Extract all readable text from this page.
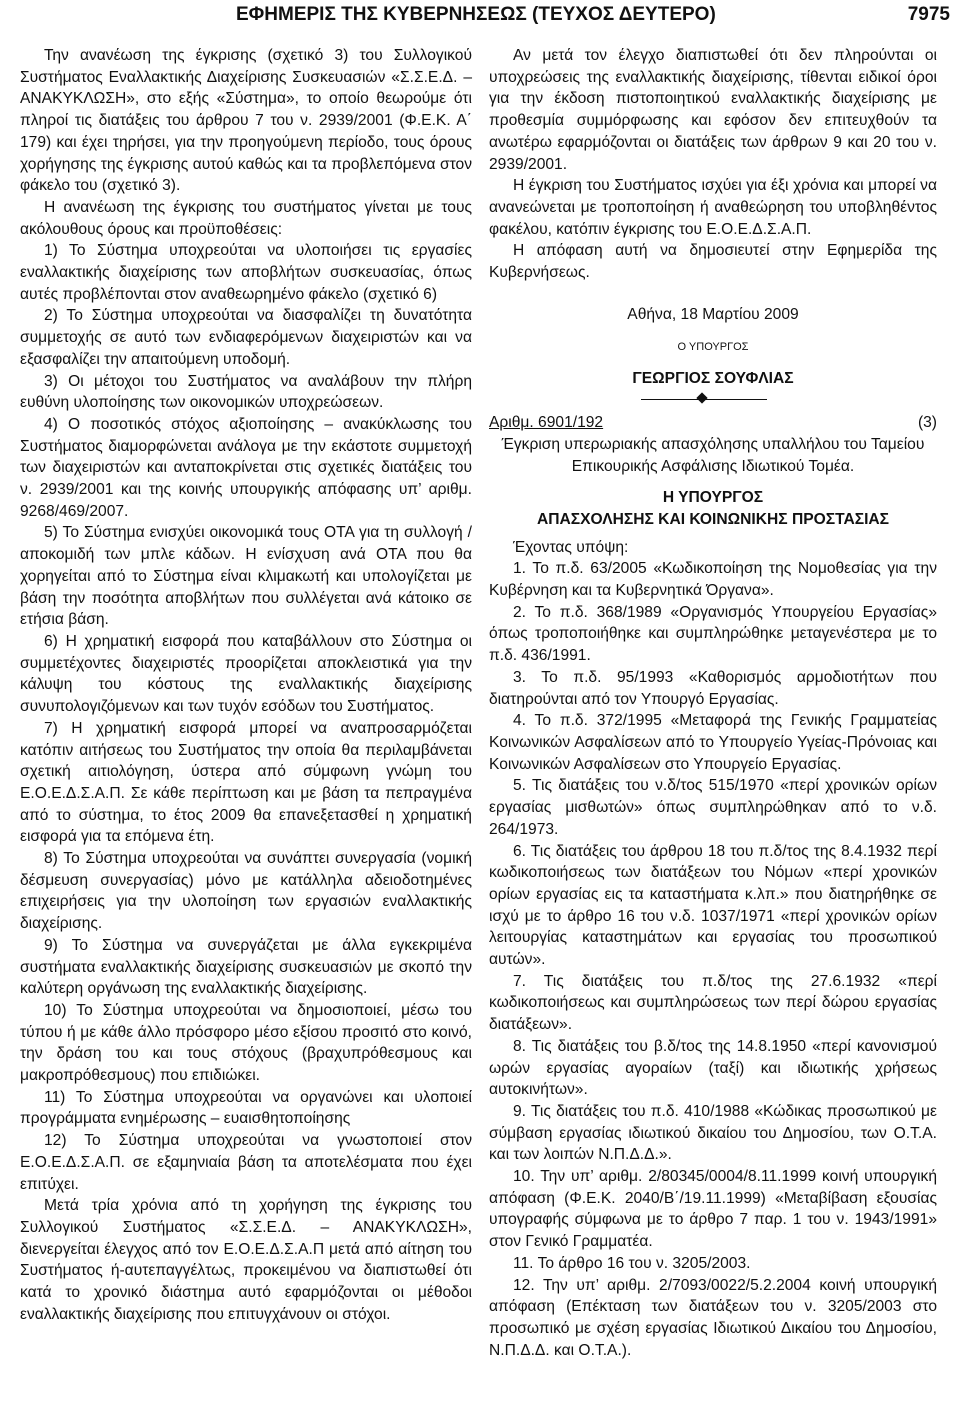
ΕΦΗΜΕΡΙΣ ΤΗΣ ΚΥΒΕΡΝΗΣΕΩΣ (ΤΕΥΧΟΣ ΔΕΥΤΕΡΟ)	7975

Την ανανέωση της έγκρισης (σχετικό 3) του Συλλογικού Συστήματος Εναλλακτικής Διαχείρισης Συσκευασιών «Σ.Σ.Ε.Δ. – ΑΝΑΚΥΚΛΩΣΗ», στο εξής «Σύστημα», το οποίο θεωρούμε ότι πληροί τις διατάξεις του άρθρου 7 του ν. 2939/2001 (Φ.Ε.Κ. Α΄ 179) και έχει τηρήσει, για την προηγούμενη περίοδο, τους όρους χορήγησης της έγκρισης αυτού καθώς και τα προβλεπόμενα στον φάκελο του (σχετικό 3).

Η ανανέωση της έγκρισης του συστήματος γίνεται με τους ακόλουθους όρους και προϋποθέσεις:

1) Το Σύστημα υποχρεούται να υλοποιήσει τις εργασίες εναλλακτικής διαχείρισης των αποβλήτων συσκευασίας, όπως αυτές προβλέπονται στον αναθεωρημένο φάκελο (σχετικό 6)

2) Το Σύστημα υποχρεούται να διασφαλίζει τη δυνατότητα συμμετοχής σε αυτό των ενδιαφερόμενων διαχειριστών και να εξασφαλίζει την απαιτούμενη υποδομή.

3) Οι μέτοχοι του Συστήματος να αναλάβουν την πλήρη ευθύνη υλοποίησης των οικονομικών υποχρεώσεων.

4) Ο ποσοτικός στόχος αξιοποίησης – ανακύκλωσης του Συστήματος διαμορφώνεται ανάλογα με την εκάστοτε συμμετοχή των διαχειριστών και ανταποκρίνεται στις σχετικές διατάξεις του ν. 2939/2001 και της κοινής υπουργικής απόφασης υπ’ αριθμ. 9268/469/2007.

5) Το Σύστημα ενισχύει οικονομικά τους ΟΤΑ για τη συλλογή / αποκομιδή των μπλε κάδων. Η ενίσχυση ανά ΟΤΑ που θα χορηγείται από το Σύστημα είναι κλιμακωτή και υπολογίζεται με βάση την ποσότητα αποβλήτων που συλλέγεται ανά κάτοικο σε ετήσια βάση.

6) Η χρηματική εισφορά που καταβάλλουν στο Σύστημα οι συμμετέχοντες διαχειριστές προορίζεται αποκλειστικά για την κάλυψη του κόστους της εναλλακτικής διαχείρισης συνυπολογιζόμενων και των τυχόν εσόδων του Συστήματος.

7) Η χρηματική εισφορά μπορεί να αναπροσαρμόζεται κατόπιν αιτήσεως του Συστήματος την οποία θα περιλαμβάνεται σχετική αιτιολόγηση, ύστερα από σύμφωνη γνώμη του Ε.Ο.Ε.Δ.Σ.Α.Π. Σε κάθε περίπτωση και με βάση τα πεπραγμένα από το σύστημα, το έτος 2009 θα επανεξετασθεί η χρηματική εισφορά για τα επόμενα έτη.

8) Το Σύστημα υποχρεούται να συνάπτει συνεργασία (νομική δέσμευση συνεργασίας) μόνο με κατάλληλα αδειοδοτημένες επιχειρήσεις για την υλοποίηση των εργασιών εναλλακτικής διαχείρισης.

9) Το Σύστημα να συνεργάζεται με άλλα εγκεκριμένα συστήματα εναλλακτικής διαχείρισης συσκευασιών με σκοπό την καλύτερη οργάνωση της εναλλακτικής διαχείρισης.

10) Το Σύστημα υποχρεούται να δημοσιοποιεί, μέσω του τύπου ή με κάθε άλλο πρόσφορο μέσο εξίσου προσιτό στο κοινό, την δράση του και τους στόχους (βραχυπρόθεσμους και μακροπρόθεσμους) που επιδιώκει.

11) Το Σύστημα υποχρεούται να οργανώνει και υλοποιεί προγράμματα ενημέρωσης – ευαισθητοποίησης

12) Το Σύστημα υποχρεούται να γνωστοποιεί στον Ε.Ο.Ε.Δ.Σ.Α.Π. σε εξαμηνιαία βάση τα αποτελέσματα που έχει επιτύχει.

Μετά τρία χρόνια από τη χορήγηση της έγκρισης του Συλλογικού Συστήματος «Σ.Σ.Ε.Δ. – ΑΝΑΚΥΚΛΩΣΗ», διενεργείται έλεγχος από τον Ε.Ο.Ε.Δ.Σ.Α.Π μετά από αίτηση του Συστήματος ή-αυτεπαγγέλτως, προκειμένου να διαπιστωθεί ότι κατά το χρονικό διάστημα αυτό εφαρμόζονται οι μέθοδοι εναλλακτικής διαχείρισης που επιτυγχάνουν οι στόχοι.

Αν μετά τον έλεγχο διαπιστωθεί ότι δεν πληρούνται οι υποχρεώσεις της εναλλακτικής διαχείρισης, τίθενται ειδικοί όροι για την έκδοση πιστοποιητικού εναλλακτικής διαχείρισης με προθεσμία συμμόρφωσης και εφόσον δεν επιτευχθούν τα ανωτέρω εφαρμόζονται οι διατάξεις των άρθρων 9 και 20 του ν. 2939/2001.

Η έγκριση του Συστήματος ισχύει για έξι χρόνια και μπορεί να ανανεώνεται με τροποποίηση ή αναθεώρηση του υποβληθέντος φακέλου, κατόπιν έγκρισης του Ε.Ο.Ε.Δ.Σ.Α.Π.

Η απόφαση αυτή να δημοσιευτεί στην Εφημερίδα της Κυβερνήσεως.

Αθήνα, 18 Μαρτίου 2009

Ο ΥΠΟΥΡΓΟΣ

ΓΕΩΡΓΙΟΣ ΣΟΥΦΛΙΑΣ

Αριθμ. 6901/192	(3)

Έγκριση υπερωριακής απασχόλησης υπαλλήλου του Ταμείου Επικουρικής Ασφάλισης Ιδιωτικού Τομέα.

Η ΥΠΟΥΡΓΟΣ

ΑΠΑΣΧΟΛΗΣΗΣ ΚΑΙ ΚΟΙΝΩΝΙΚΗΣ ΠΡΟΣΤΑΣΙΑΣ

Έχοντας υπόψη:

1. Το π.δ. 63/2005 «Κωδικοποίηση της Νομοθεσίας για την Κυβέρνηση και τα Κυβερνητικά Όργανα».

2. Το π.δ. 368/1989 «Οργανισμός Υπουργείου Εργασίας» όπως τροποποιήθηκε και συμπληρώθηκε μεταγενέστερα με το π.δ. 436/1991.

3. Το π.δ. 95/1993 «Καθορισμός αρμοδιοτήτων που διατηρούνται από τον Υπουργό Εργασίας.

4. Το π.δ. 372/1995 «Μεταφορά της Γενικής Γραμματείας Κοινωνικών Ασφαλίσεων από το Υπουργείο Υγείας-Πρόνοιας και Κοινωνικών Ασφαλίσεων στο Υπουργείο Εργασίας.

5. Τις διατάξεις του ν.δ/τος 515/1970 «περί χρονικών ορίων εργασίας μισθωτών» όπως συμπληρώθηκαν από το ν.δ. 264/1973.

6. Τις διατάξεις του άρθρου 18 του π.δ/τος της 8.4.1932 περί κωδικοποιήσεως των διατάξεων του Νόμων «περί χρονικών ορίων εργασίας εις τα καταστήματα κ.λπ.» που διατηρήθηκε σε ισχύ με το άρθρο 16 του ν.δ. 1037/1971 «περί χρονικών ορίων λειτουργίας καταστημάτων και εργασίας του προσωπικού αυτών».

7. Τις διατάξεις του π.δ/τος της 27.6.1932 «περί κωδικοποιήσεως και συμπληρώσεως των περί δώρου εργασίας διατάξεων».

8. Τις διατάξεις του β.δ/τος της 14.8.1950 «περί κανονισμού ωρών εργασίας αγοραίων (ταξί) και ιδιωτικής χρήσεως αυτοκινήτων».

9. Τις διατάξεις του π.δ. 410/1988 «Κώδικας προσωπικού με σύμβαση εργασίας ιδιωτικού δικαίου του Δημοσίου, των Ο.Τ.Α. και των λοιπών Ν.Π.Δ.Δ.».

10. Την υπ’ αριθμ. 2/80345/0004/8.11.1999 κοινή υπουργική απόφαση (Φ.Ε.Κ. 2040/Β΄/19.11.1999) «Μεταβίβαση εξουσίας υπογραφής σύμφωνα με το άρθρο 7 παρ. 1 του ν. 1943/1991» στον Γενικό Γραμματέα.

11. Το άρθρο 16 του ν. 3205/2003.

12. Την υπ’ αριθμ. 2/7093/0022/5.2.2004 κοινή υπουργική απόφαση (Επέκταση των διατάξεων του ν. 3205/2003 στο προσωπικό με σχέση εργασίας Ιδιωτικού Δικαίου του Δημοσίου, Ν.Π.Δ.Δ. και Ο.Τ.Α.).
